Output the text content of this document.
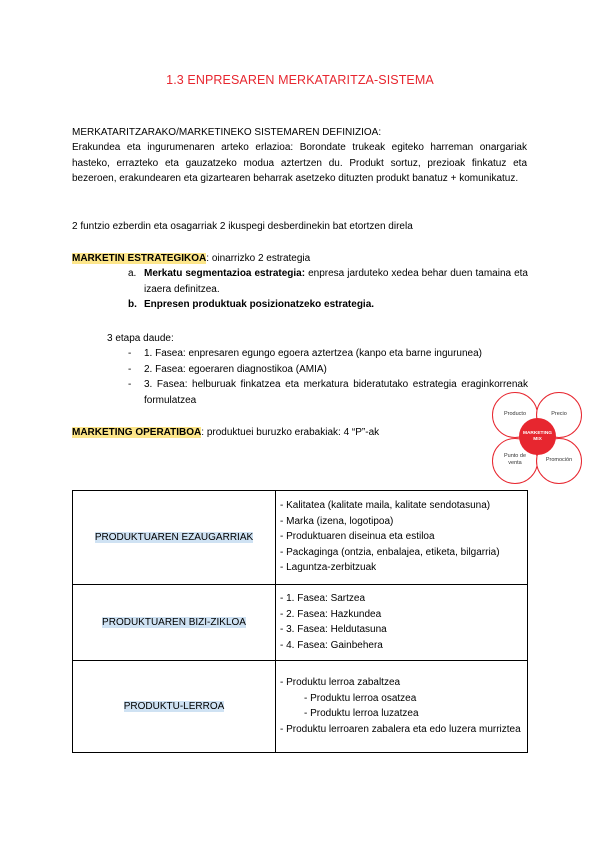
1.3 ENPRESAREN MERKATARITZA-SISTEMA
MERKATARITZARAKO/MARKETINEKO SISTEMAREN DEFINIZIOA:
Erakundea eta ingurumenaren arteko erlazioa: Borondate trukeak egiteko harreman onargariak hasteko, errazteko eta gauzatzeko modua aztertzen du. Produkt sortuz, prezioak finkatuz eta bezeroen, erakundearen eta gizartearen beharrak asetzeko dituzten produkt banatuz + komunikatuz.
2 funtzio ezberdin eta osagarriak 2 ikuspegi desberdinekin bat etortzen direla
MARKETIN ESTRATEGIKOA: oinarrizko 2 estrategia
a. Merkatu segmentazioa estrategia: enpresa jarduteko xedea behar duen tamaina eta izaera definitzea.
b. Enpresen produktuak posizionatzeko estrategia.
3 etapa daude:
- 1. Fasea: enpresaren egungo egoera aztertzea (kanpo eta barne ingurunea)
- 2. Fasea: egoeraren diagnostikoa (AMIA)
- 3. Fasea: helburuak finkatzea eta merkatura bideratutako estrategia eraginkorrenak formulatzea
MARKETING OPERATIBOA: produktuei buruzko erabakiak: 4 “P”-ak
Producto	Precio
Punto de venta	Promoción
MARKETING MIX
PRODUKTUAREN EZAUGARRIAK	- Kalitatea (kalitate maila, kalitate sendotasuna)
- Marka (izena, logotipoa)
- Produktuaren diseinua eta estiloa
- Packaginga (ontzia, enbalajea, etiketa, bilgarria)
- Laguntza-zerbitzuak

PRODUKTUAREN BIZI-ZIKLOA	- 1. Fasea: Sartzea
- 2. Fasea: Hazkundea
- 3. Fasea: Heldutasuna
- 4. Fasea: Gainbehera

PRODUKTU-LERROA	- Produktu lerroa zabaltzea
- Produktu lerroa osatzea
- Produktu lerroa luzatzea
- Produktu lerroaren zabalera eta edo luzera murriztea
